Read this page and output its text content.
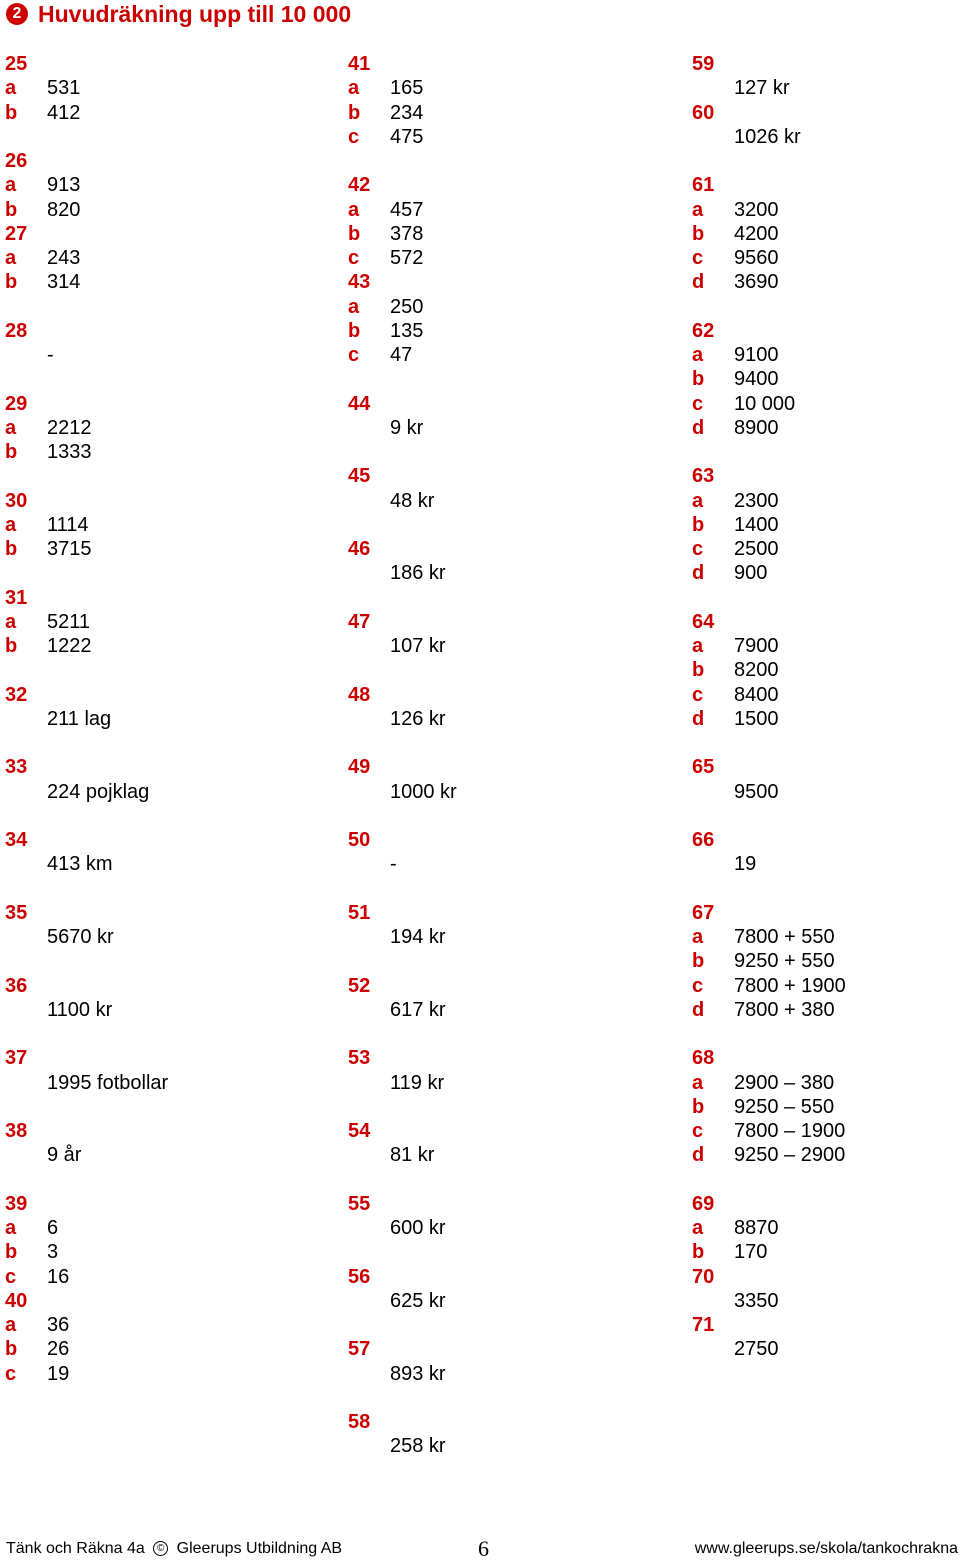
2 Huvudräkning upp till 10 000
25
a	531
b	412
26
a	913
b	820
27
a	243
b	314
28
-
29
a	2212
b	1333
30
a	1114
b	3715
31
a	5211
b	1222
32
211 lag
33
224 pojklag
34
413 km
35
5670 kr
36
1100 kr
37
1995 fotbollar
38
9 år
39
a	6
b	3
c	16
40
a	36
b	26
c	19
41
a	165
b	234
c	475
42
a	457
b	378
c	572
43
a	250
b	135
c	47
44
9 kr
45
48 kr
46
186 kr
47
107 kr
48
126 kr
49
1000 kr
50
-
51
194 kr
52
617 kr
53
119 kr
54
81 kr
55
600 kr
56
625 kr
57
893 kr
58
258 kr
59
127 kr
60
1026 kr
61
a	3200
b	4200
c	9560
d	3690
62
a	9100
b	9400
c	10 000
d	8900
63
a	2300
b	1400
c	2500
d	900
64
a	7900
b	8200
c	8400
d	1500
65
9500
66
19
67
a	7800 + 550
b	9250 + 550
c	7800 + 1900
d	7800 + 380
68
a	2900 – 380
b	9250 – 550
c	7800 – 1900
d	9250 – 2900
69
a	8870
b	170
70
3350
71
2750
Tänk och Räkna 4a © Gleerups Utbildning AB	6	www.gleerups.se/skola/tankochrakna
